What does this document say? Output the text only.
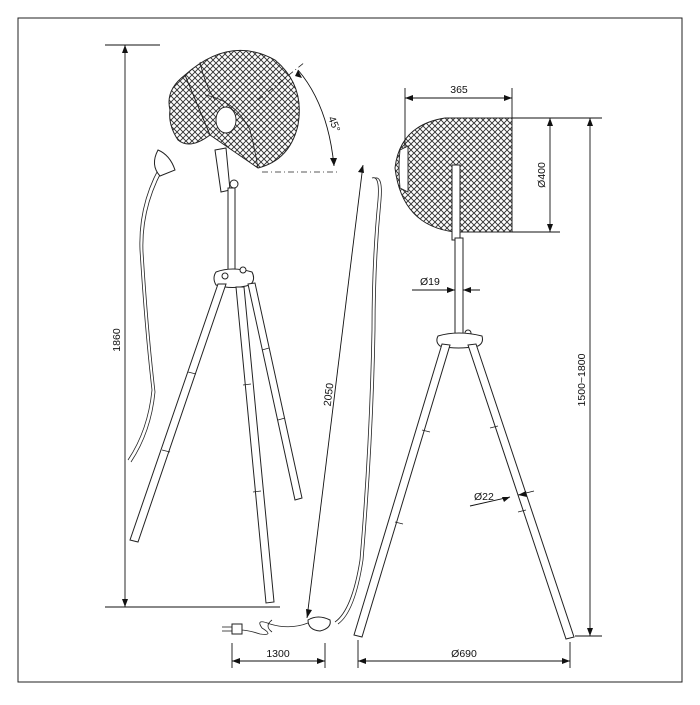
45°
1860
2050
1300
365
Ø400
Ø19
Ø22
1500~1800
Ø690
